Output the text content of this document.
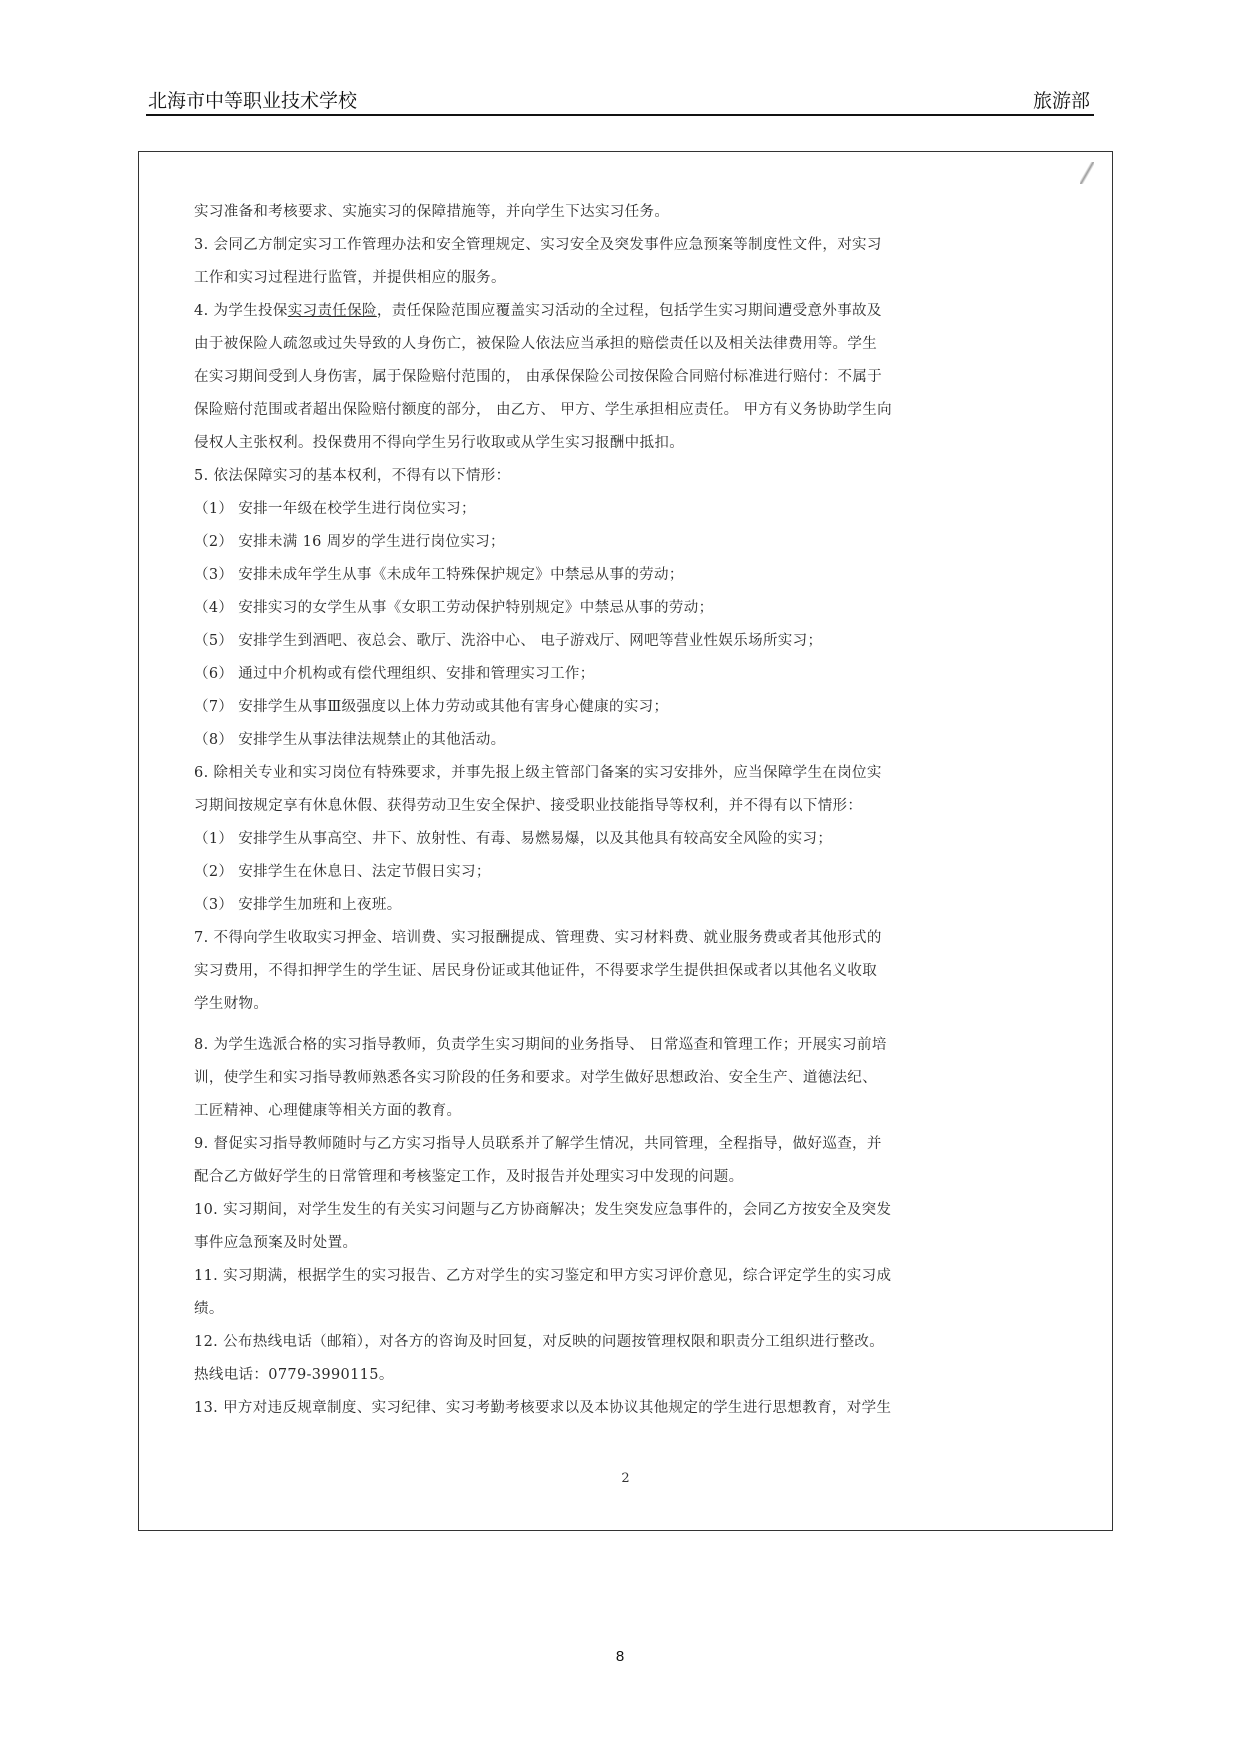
北海市中等职业技术学校	旅游部
实习准备和考核要求、实施实习的保障措施等，并向学生下达实习任务。
3. 会同乙方制定实习工作管理办法和安全管理规定、实习安全及突发事件应急预案等制度性文件，对实习
工作和实习过程进行监管，并提供相应的服务。
4. 为学生投保实习责任保险，责任保险范围应覆盖实习活动的全过程，包括学生实习期间遭受意外事故及
由于被保险人疏忽或过失导致的人身伤亡，被保险人依法应当承担的赔偿责任以及相关法律费用等。学生
在实习期间受到人身伤害，属于保险赔付范围的， 由承保保险公司按保险合同赔付标准进行赔付：不属于
保险赔付范围或者超出保险赔付额度的部分， 由乙方、 甲方、学生承担相应责任。 甲方有义务协助学生向
侵权人主张权利。投保费用不得向学生另行收取或从学生实习报酬中抵扣。
5. 依法保障实习的基本权利，不得有以下情形：
（1） 安排一年级在校学生进行岗位实习；
（2） 安排未满 16 周岁的学生进行岗位实习；
（3） 安排未成年学生从事《未成年工特殊保护规定》中禁忌从事的劳动；
（4） 安排实习的女学生从事《女职工劳动保护特别规定》中禁忌从事的劳动；
（5） 安排学生到酒吧、夜总会、歌厅、洗浴中心、 电子游戏厅、网吧等营业性娱乐场所实习；
（6） 通过中介机构或有偿代理组织、安排和管理实习工作；
（7） 安排学生从事Ⅲ级强度以上体力劳动或其他有害身心健康的实习；
（8） 安排学生从事法律法规禁止的其他活动。
6. 除相关专业和实习岗位有特殊要求，并事先报上级主管部门备案的实习安排外，应当保障学生在岗位实
习期间按规定享有休息休假、获得劳动卫生安全保护、接受职业技能指导等权利，并不得有以下情形：
（1） 安排学生从事高空、井下、放射性、有毒、易燃易爆，以及其他具有较高安全风险的实习；
（2） 安排学生在休息日、法定节假日实习；
（3） 安排学生加班和上夜班。
7. 不得向学生收取实习押金、培训费、实习报酬提成、管理费、实习材料费、就业服务费或者其他形式的
实习费用，不得扣押学生的学生证、居民身份证或其他证件，不得要求学生提供担保或者以其他名义收取
学生财物。
8. 为学生选派合格的实习指导教师，负责学生实习期间的业务指导、 日常巡查和管理工作；开展实习前培
训，使学生和实习指导教师熟悉各实习阶段的任务和要求。对学生做好思想政治、安全生产、道德法纪、
工匠精神、心理健康等相关方面的教育。
9. 督促实习指导教师随时与乙方实习指导人员联系并了解学生情况，共同管理，全程指导，做好巡查，并
配合乙方做好学生的日常管理和考核鉴定工作，及时报告并处理实习中发现的问题。
10. 实习期间，对学生发生的有关实习问题与乙方协商解决；发生突发应急事件的，会同乙方按安全及突发
事件应急预案及时处置。
11. 实习期满，根据学生的实习报告、乙方对学生的实习鉴定和甲方实习评价意见，综合评定学生的实习成
绩。
12. 公布热线电话（邮箱），对各方的咨询及时回复，对反映的问题按管理权限和职责分工组织进行整改。
热线电话：0779-3990115。
13. 甲方对违反规章制度、实习纪律、实习考勤考核要求以及本协议其他规定的学生进行思想教育，对学生
2
8
